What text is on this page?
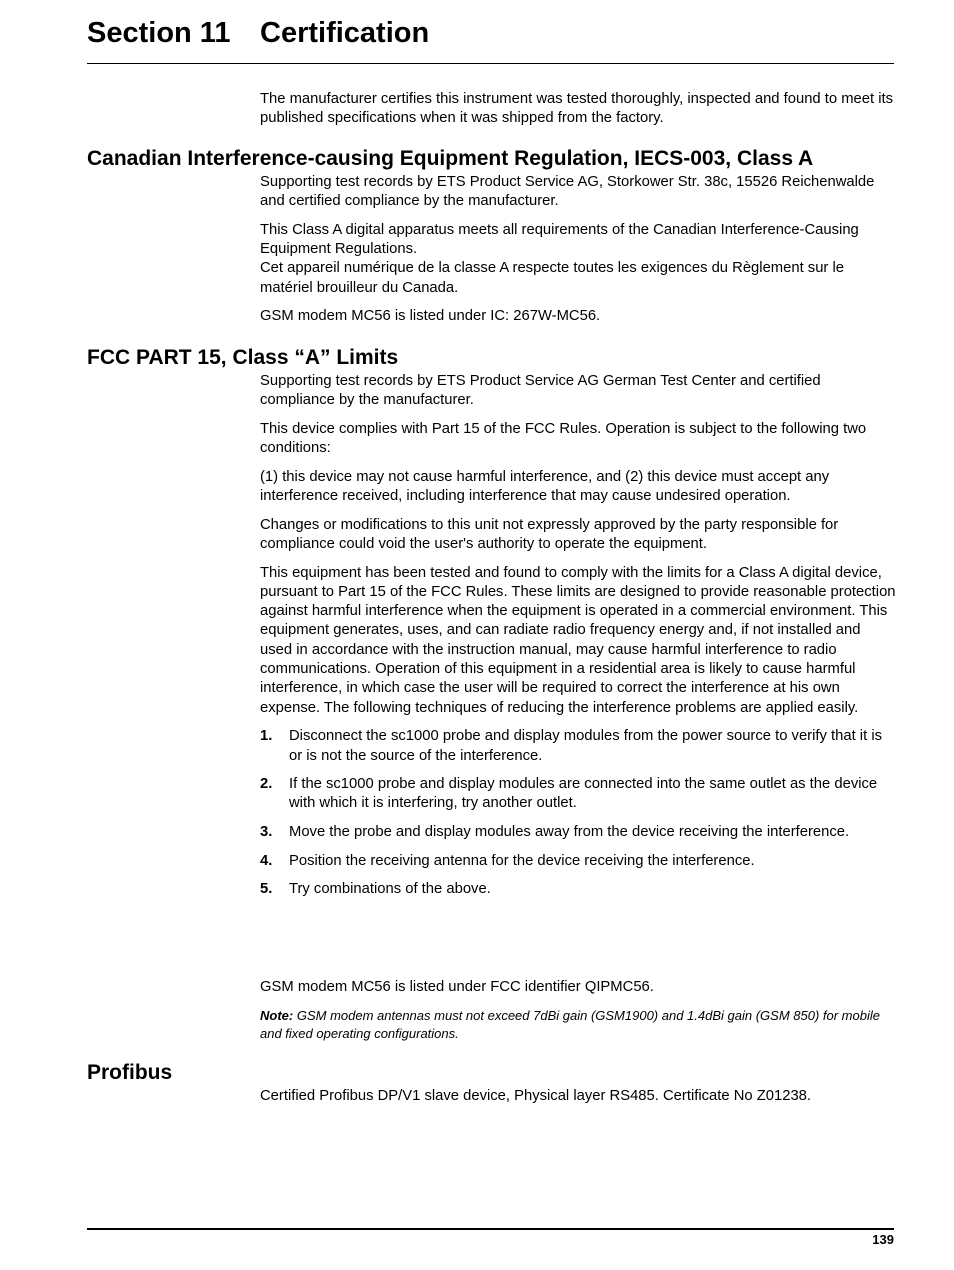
Section 11 Certification

The manufacturer certifies this instrument was tested thoroughly, inspected and found to meet its published specifications when it was shipped from the factory.

Canadian Interference-causing Equipment Regulation, IECS-003, Class A

Supporting test records by ETS Product Service AG, Storkower Str. 38c, 15526 Reichenwalde and certified compliance by the manufacturer.

This Class A digital apparatus meets all requirements of the Canadian Interference-Causing Equipment Regulations.
Cet appareil numérique de la classe A respecte toutes les exigences du Règlement sur le matériel brouilleur du Canada.

GSM modem MC56 is listed under IC: 267W-MC56.

FCC PART 15, Class “A” Limits

Supporting test records by ETS Product Service AG German Test Center and certified compliance by the manufacturer.

This device complies with Part 15 of the FCC Rules. Operation is subject to the following two conditions:

(1) this device may not cause harmful interference, and (2) this device must accept any interference received, including interference that may cause undesired operation.

Changes or modifications to this unit not expressly approved by the party responsible for compliance could void the user's authority to operate the equipment.

This equipment has been tested and found to comply with the limits for a Class A digital device, pursuant to Part 15 of the FCC Rules. These limits are designed to provide reasonable protection against harmful interference when the equipment is operated in a commercial environment. This equipment generates, uses, and can radiate radio frequency energy and, if not installed and used in accordance with the instruction manual, may cause harmful interference to radio communications. Operation of this equipment in a residential area is likely to cause harmful interference, in which case the user will be required to correct the interference at his own expense. The following techniques of reducing the interference problems are applied easily.

1.	Disconnect the sc1000 probe and display modules from the power source to verify that it is or is not the source of the interference.
2.	If the sc1000 probe and display modules are connected into the same outlet as the device with which it is interfering, try another outlet.
3.	Move the probe and display modules away from the device receiving the interference.
4.	Position the receiving antenna for the device receiving the interference.
5.	Try combinations of the above.

GSM modem MC56 is listed under FCC identifier QIPMC56.

Note: GSM modem antennas must not exceed 7dBi gain (GSM1900) and 1.4dBi gain (GSM 850) for mobile and fixed operating configurations.

Profibus

Certified Profibus DP/V1 slave device, Physical layer RS485. Certificate No Z01238.

139
